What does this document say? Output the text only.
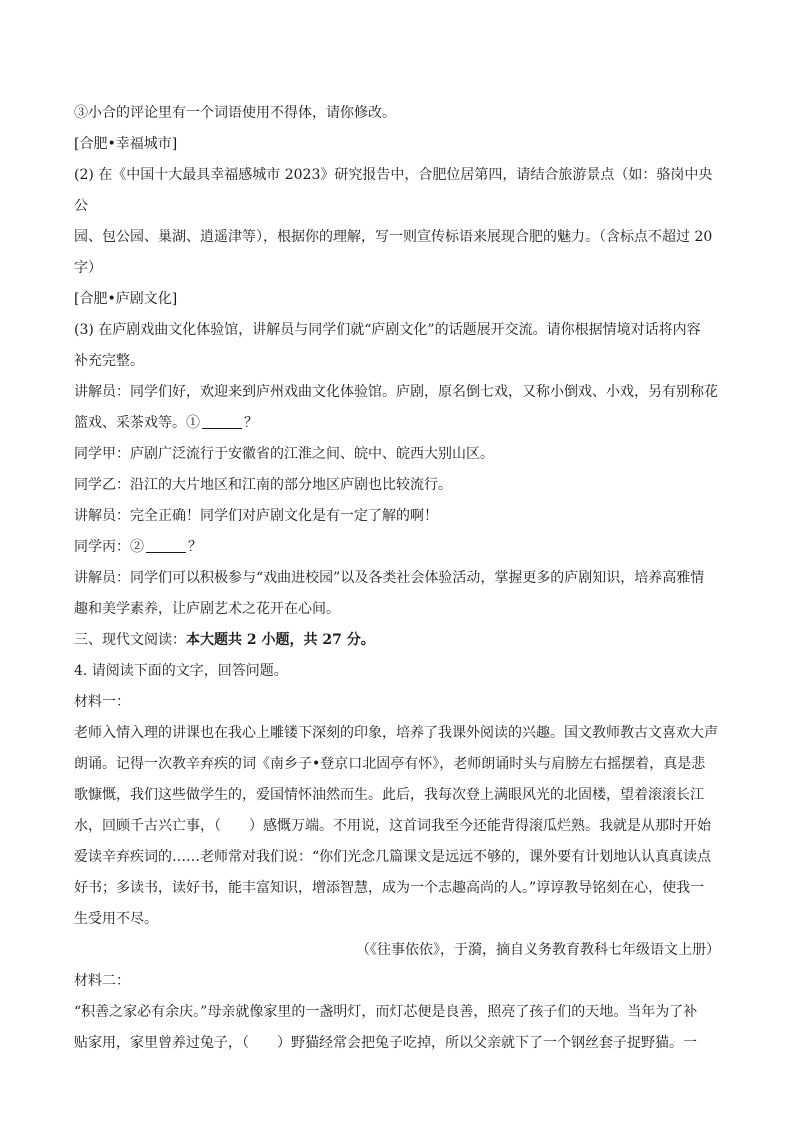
③小合的评论里有一个词语使用不得体，请你修改。

[合肥•幸福城市]

(2) 在《中国十大最具幸福感城市 2023》研究报告中，合肥位居第四，请结合旅游景点（如：骆岗中央公

园、包公园、巢湖、逍遥津等），根据你的理解，写一则宣传标语来展现合肥的魅力。（含标点不超过 20

字）

[合肥•庐剧文化]

(3) 在庐剧戏曲文化体验馆，讲解员与同学们就“庐剧文化”的话题展开交流。请你根据情境对话将内容

补充完整。

讲解员：同学们好，欢迎来到庐州戏曲文化体验馆。庐剧，原名倒七戏，又称小倒戏、小戏，另有别称花

篮戏、采茶戏等。①	？

同学甲：庐剧广泛流行于安徽省的江淮之间、皖中、皖西大别山区。

同学乙：沿江的大片地区和江南的部分地区庐剧也比较流行。

讲解员：完全正确！同学们对庐剧文化是有一定了解的啊！

同学丙：②	？

讲解员：同学们可以积极参与“戏曲进校园”以及各类社会体验活动，掌握更多的庐剧知识，培养高雅情

趣和美学素养，让庐剧艺术之花开在心间。

三、现代文阅读：本大题共 2 小题，共 27 分。

4. 请阅读下面的文字，回答问题。

材料一：

老师入情入理的讲课也在我心上雕镂下深刻的印象，培养了我课外阅读的兴趣。国文教师教古文喜欢大声

朗诵。记得一次教辛弃疾的词《南乡子•登京口北固亭有怀》，老师朗诵时头与肩膀左右摇摆着，真是悲

歌慷慨，我们这些做学生的，爱国情怀油然而生。此后，我每次登上满眼风光的北固楼，望着滚滚长江

水，回顾千古兴亡事，（　　）感慨万端。不用说，这首词我至今还能背得滚瓜烂熟。我就是从那时开始

爱读辛弃疾词的……老师常对我们说：“你们光念几篇课文是远远不够的，课外要有计划地认认真真读点

好书；多读书，读好书，能丰富知识，增添智慧，成为一个志趣高尚的人。”谆谆教导铭刻在心，使我一

生受用不尽。

（《往事依依》，于漪，摘自义务教育教科七年级语文上册）

材料二：

“积善之家必有余庆。”母亲就像家里的一盏明灯，而灯芯便是良善，照亮了孩子们的天地。当年为了补

贴家用，家里曾养过兔子，（　　）野猫经常会把兔子吃掉，所以父亲就下了一个钢丝套子捉野猫。一
